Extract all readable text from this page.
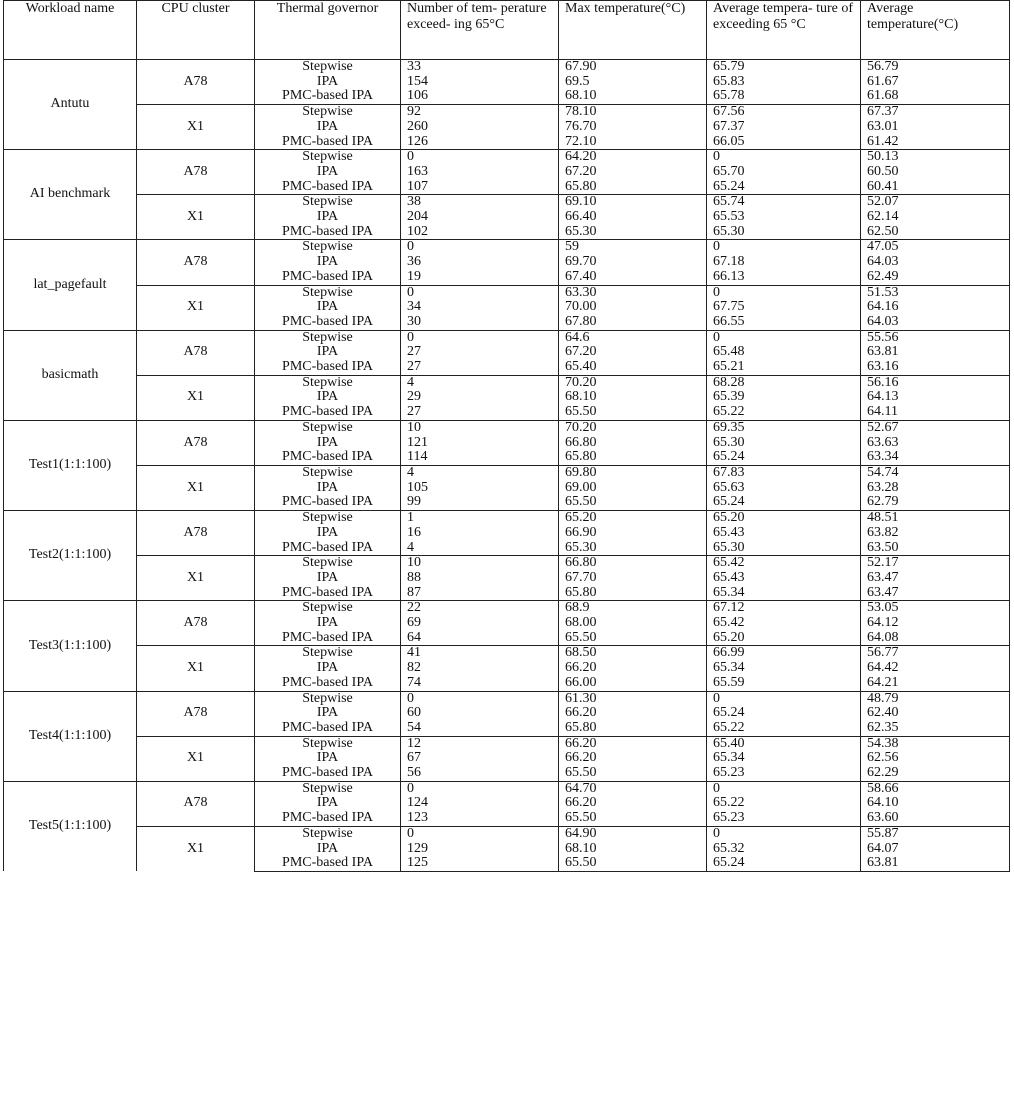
Workload name	CPU cluster	Thermal governor	Number of tem- perature exceed- ing 65°C	Max temperature(°C)	Average tempera- ture of exceeding 65 °C	Average temperature(°C)
Antutu	A78	Stepwise	33	67.90	65.79	56.79
		IPA	154	69.5	65.83	61.67
		PMC-based IPA	106	68.10	65.78	61.68
	X1	Stepwise	92	78.10	67.56	67.37
		IPA	260	76.70	67.37	63.01
		PMC-based IPA	126	72.10	66.05	61.42
AI benchmark	A78	Stepwise	0	64.20	0	50.13
		IPA	163	67.20	65.70	60.50
		PMC-based IPA	107	65.80	65.24	60.41
	X1	Stepwise	38	69.10	65.74	52.07
		IPA	204	66.40	65.53	62.14
		PMC-based IPA	102	65.30	65.30	62.50
lat_pagefault	A78	Stepwise	0	59	0	47.05
		IPA	36	69.70	67.18	64.03
		PMC-based IPA	19	67.40	66.13	62.49
	X1	Stepwise	0	63.30	0	51.53
		IPA	34	70.00	67.75	64.16
		PMC-based IPA	30	67.80	66.55	64.03
basicmath	A78	Stepwise	0	64.6	0	55.56
		IPA	27	67.20	65.48	63.81
		PMC-based IPA	27	65.40	65.21	63.16
	X1	Stepwise	4	70.20	68.28	56.16
		IPA	29	68.10	65.39	64.13
		PMC-based IPA	27	65.50	65.22	64.11
Test1(1:1:100)	A78	Stepwise	10	70.20	69.35	52.67
		IPA	121	66.80	65.30	63.63
		PMC-based IPA	114	65.80	65.24	63.34
	X1	Stepwise	4	69.80	67.83	54.74
		IPA	105	69.00	65.63	63.28
		PMC-based IPA	99	65.50	65.24	62.79
Test2(1:1:100)	A78	Stepwise	1	65.20	65.20	48.51
		IPA	16	66.90	65.43	63.82
		PMC-based IPA	4	65.30	65.30	63.50
	X1	Stepwise	10	66.80	65.42	52.17
		IPA	88	67.70	65.43	63.47
		PMC-based IPA	87	65.80	65.34	63.47
Test3(1:1:100)	A78	Stepwise	22	68.9	67.12	53.05
		IPA	69	68.00	65.42	64.12
		PMC-based IPA	64	65.50	65.20	64.08
	X1	Stepwise	41	68.50	66.99	56.77
		IPA	82	66.20	65.34	64.42
		PMC-based IPA	74	66.00	65.59	64.21
Test4(1:1:100)	A78	Stepwise	0	61.30	0	48.79
		IPA	60	66.20	65.24	62.40
		PMC-based IPA	54	65.80	65.22	62.35
	X1	Stepwise	12	66.20	65.40	54.38
		IPA	67	66.20	65.34	62.56
		PMC-based IPA	56	65.50	65.23	62.29
Test5(1:1:100)	A78	Stepwise	0	64.70	0	58.66
		IPA	124	66.20	65.22	64.10
		PMC-based IPA	123	65.50	65.23	63.60
	X1	Stepwise	0	64.90	0	55.87
		IPA	129	68.10	65.32	64.07
		PMC-based IPA	125	65.50	65.24	63.81
